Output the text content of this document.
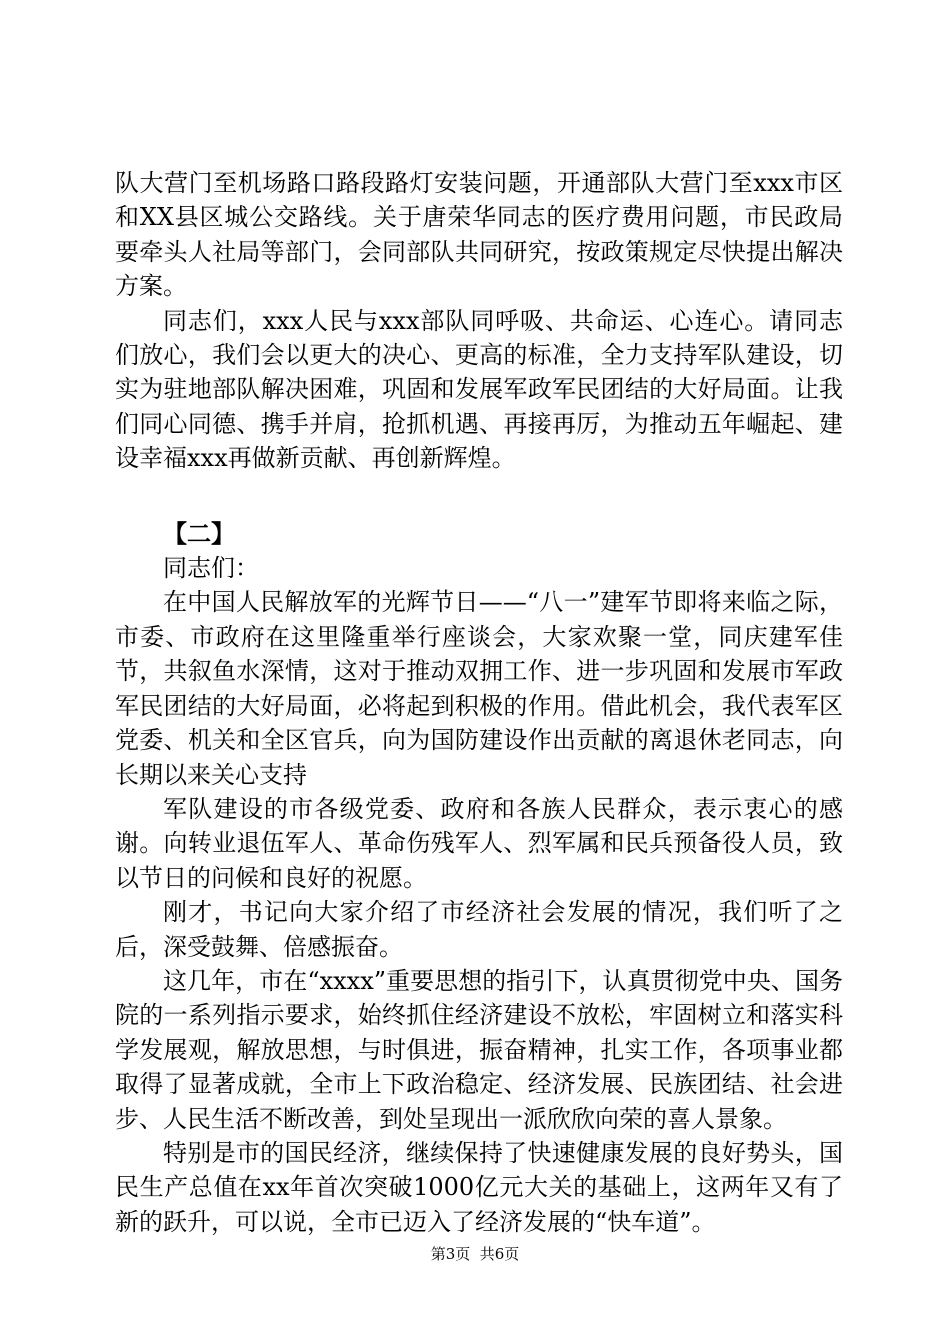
队大营门至机场路口路段路灯安装问题，开通部队大营门至xxx市区和XX县区城公交路线。关于唐荣华同志的医疗费用问题，市民政局要牵头人社局等部门，会同部队共同研究，按政策规定尽快提出解决方案。

同志们，xxx人民与xxx部队同呼吸、共命运、心连心。请同志们放心，我们会以更大的决心、更高的标准，全力支持军队建设，切实为驻地部队解决困难，巩固和发展军政军民团结的大好局面。让我们同心同德、携手并肩，抢抓机遇、再接再厉，为推动五年崛起、建设幸福xxx再做新贡献、再创新辉煌。

【二】

同志们：

在中国人民解放军的光辉节日——“八一”建军节即将来临之际，市委、市政府在这里隆重举行座谈会，大家欢聚一堂，同庆建军佳节，共叙鱼水深情，这对于推动双拥工作、进一步巩固和发展市军政军民团结的大好局面，必将起到积极的作用。借此机会，我代表军区党委、机关和全区官兵，向为国防建设作出贡献的离退休老同志，向长期以来关心支持

军队建设的市各级党委、政府和各族人民群众，表示衷心的感谢。向转业退伍军人、革命伤残军人、烈军属和民兵预备役人员，致以节日的问候和良好的祝愿。

刚才，书记向大家介绍了市经济社会发展的情况，我们听了之后，深受鼓舞、倍感振奋。

这几年，市在“xxxx”重要思想的指引下，认真贯彻党中央、国务院的一系列指示要求，始终抓住经济建设不放松，牢固树立和落实科学发展观，解放思想，与时俱进，振奋精神，扎实工作，各项事业都取得了显著成就，全市上下政治稳定、经济发展、民族团结、社会进步、人民生活不断改善，到处呈现出一派欣欣向荣的喜人景象。

特别是市的国民经济，继续保持了快速健康发展的良好势头，国民生产总值在xx年首次突破1000亿元大关的基础上，这两年又有了新的跃升，可以说，全市已迈入了经济发展的“快车道”。

第3页  共6页
